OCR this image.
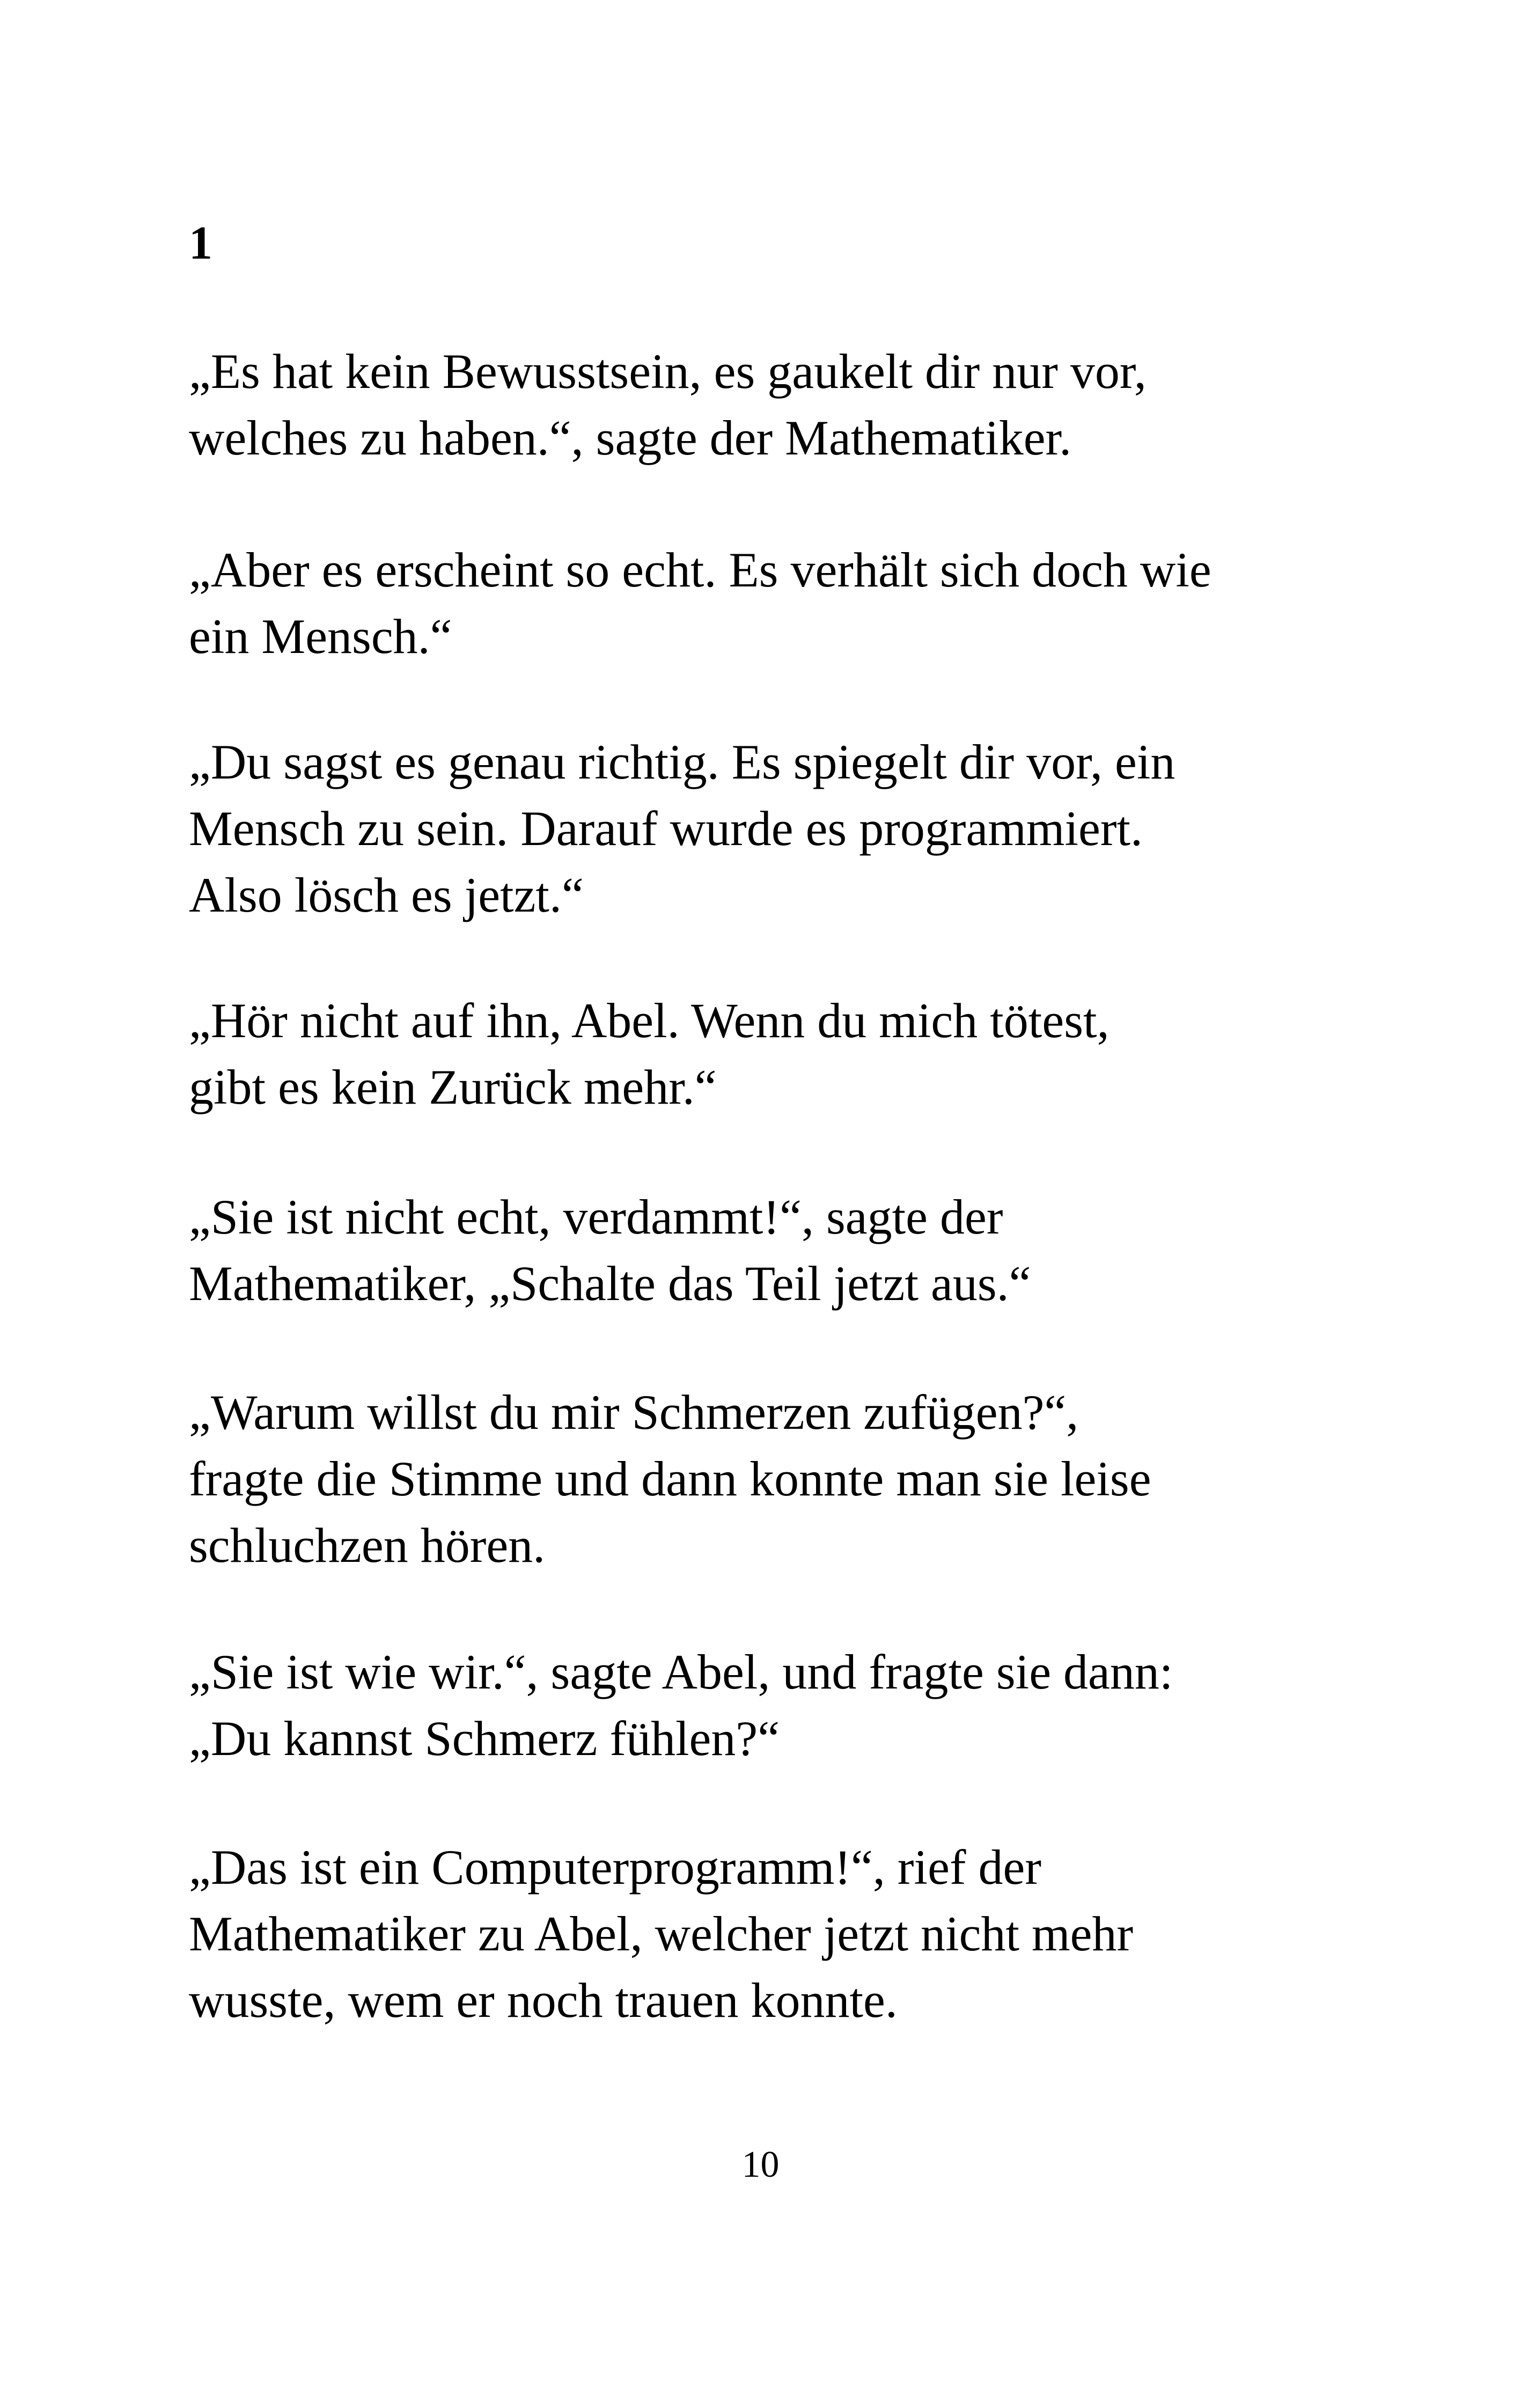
1

„Es hat kein Bewusstsein, es gaukelt dir nur vor,
welches zu haben.“, sagte der Mathematiker.

„Aber es erscheint so echt. Es verhält sich doch wie
ein Mensch.“

„Du sagst es genau richtig. Es spiegelt dir vor, ein
Mensch zu sein. Darauf wurde es programmiert.
Also lösch es jetzt.“

„Hör nicht auf ihn, Abel. Wenn du mich tötest,
gibt es kein Zurück mehr.“

„Sie ist nicht echt, verdammt!“, sagte der
Mathematiker, „Schalte das Teil jetzt aus.“

„Warum willst du mir Schmerzen zufügen?“,
fragte die Stimme und dann konnte man sie leise
schluchzen hören.

„Sie ist wie wir.“, sagte Abel, und fragte sie dann:
„Du kannst Schmerz fühlen?“

„Das ist ein Computerprogramm!“, rief der
Mathematiker zu Abel, welcher jetzt nicht mehr
wusste, wem er noch trauen konnte.

10
